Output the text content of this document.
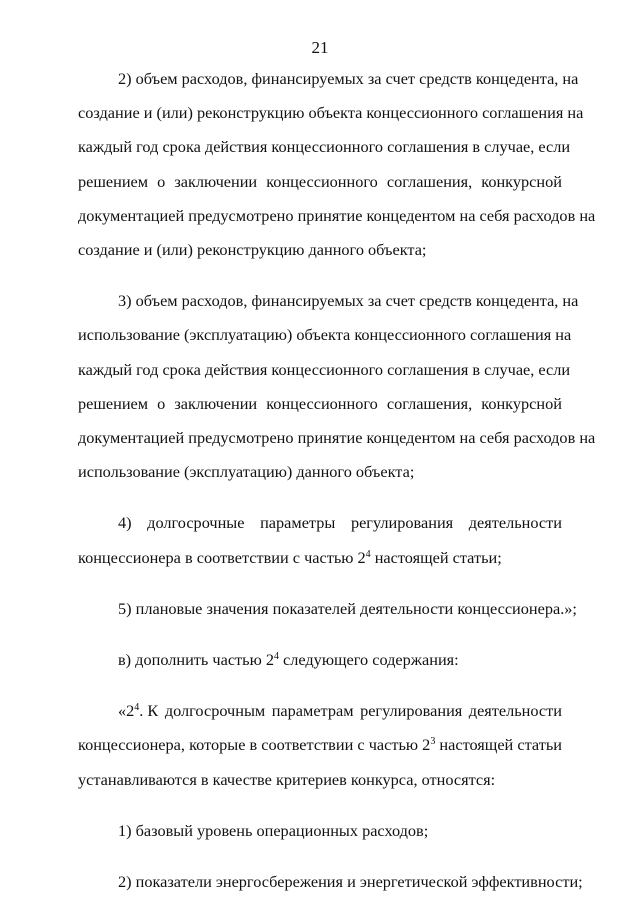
21
2) объем расходов, финансируемых за счет средств концедента, на
создание и (или) реконструкцию объекта концессионного соглашения на
каждый год срока действия концессионного соглашения в случае, если
решением о заключении концессионного соглашения, конкурсной
документацией предусмотрено принятие концедентом на себя расходов на
создание и (или) реконструкцию данного объекта;
3) объем расходов, финансируемых за счет средств концедента, на
использование (эксплуатацию) объекта концессионного соглашения на
каждый год срока действия концессионного соглашения в случае, если
решением о заключении концессионного соглашения, конкурсной
документацией предусмотрено принятие концедентом на себя расходов на
использование (эксплуатацию) данного объекта;
4) долгосрочные параметры регулирования деятельности
концессионера в соответствии с частью $2^4$ настоящей статьи;
5) плановые значения показателей деятельности концессионера.»;
в) дополнить частью $2^4$ следующего содержания:
«$2^4$. К долгосрочным параметрам регулирования деятельности
концессионера, которые в соответствии с частью $2^3$ настоящей статьи
устанавливаются в качестве критериев конкурса, относятся:
1) базовый уровень операционных расходов;
2) показатели энергосбережения и энергетической эффективности;
